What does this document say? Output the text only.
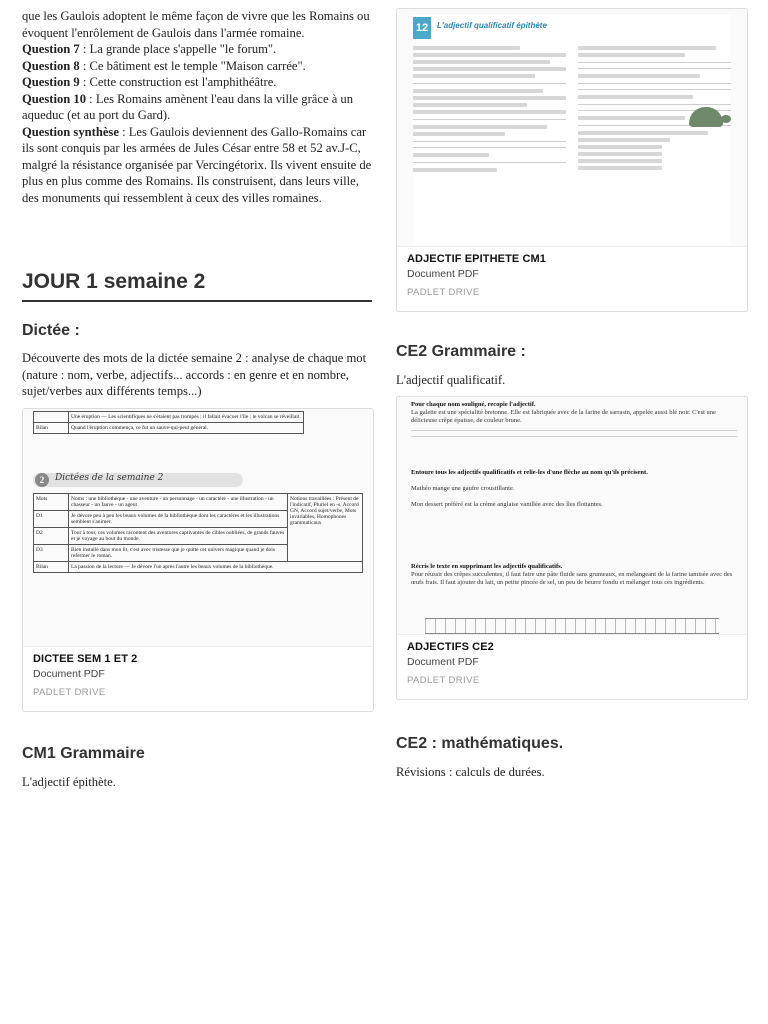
que les Gaulois adoptent le même façon de vivre que les Romains ou évoquent l'enrôlement de Gaulois dans l'armée romaine.

Question 7 : La grande place s'appelle "le forum".

Question 8 : Ce bâtiment est le temple "Maison carrée".

Question 9 : Cette construction est l'amphithéâtre.

Question 10 : Les Romains amènent l'eau dans la ville grâce à un aqueduc (et au port du Gard).

Question synthèse : Les Gaulois deviennent des Gallo-Romains car ils sont conquis par les armées de Jules César entre 58 et 52 av.J-C, malgré la résistance organisée par Vercingétorix. Ils vivent ensuite de plus en plus comme des Romains. Ils construisent, dans leurs ville, des monuments qui ressemblent à ceux des villes romaines.

JOUR 1 semaine 2
Dictée :

Découverte des mots de la dictée semaine 2 : analyse de chaque mot (nature : nom, verbe, adjectifs... accords : en genre et en nombre, sujet/verbes aux différents temps...)

	Une éruption — Les scientifiques ne s'étaient pas trompés ; il fallait évacuer l'île ; le volcan se réveillait.
Bilan	Quand l'éruption commença, ce fut un sauve-qui-peut général.
2	Dictées de la semaine 2
Mots	Noms : une bibliothèque - une aventure - un personnage - un caractère - une illustration - un chasseur - un fauve - un agent	Notions travaillées : Présent de l'indicatif, Pluriel en -s, Accord GN, Accord sujet/verbe, Mots invariables, Homophones grammaticaux
D1	Je dévore peu à peu les beaux volumes de la bibliothèque dont les caractères et les illustrations semblent s'animer.	
D2	Tour à tour, ces volumes racontent des aventures captivantes de cibles oubliées, de grands fauves et je voyage au bout du monde.	
D3	Bien installé dans mon lit, c'est avec tristesse que je quitte cet univers magique quand je dois refermer le roman.	
Bilan	La passion de la lecture — Je dévore l'un après l'autre les beaux volumes de la bibliothèque.	
DICTEE SEM 1 ET 2
Document PDF
PADLET DRIVE
CM1 Grammaire

L'adjectif épithète.

12	L'adjectif qualificatif épithète
ADJECTIF EPITHETE CM1
Document PDF
PADLET DRIVE
CE2 Grammaire :

L'adjectif qualificatif.

Pour chaque nom souligné, recopie l'adjectif.
La galette est une spécialité bretonne. Elle est fabriquée avec de la farine de sarrasin, appelée aussi blé noir. C'est une délicieuse crêpe épaisse, de couleur brune.
Entoure tous les adjectifs qualificatifs et relie-les d'une flèche au nom qu'ils précisent.

Mathéo mange une gaufre croustillante.

Mon dessert préféré est la crème anglaise vanillée avec des îles flottantes.
Récris le texte en supprimant les adjectifs qualificatifs.
Pour réussir des crêpes succulentes, il faut faire une pâte fluide sans grumeaux, en mélangeant de la farine tamisée avec des œufs frais. Il faut ajouter du lait, un petite pincée de sel, un peu de beurre fondu et mélanger tous ces ingrédients.
ADJECTIFS CE2
Document PDF
PADLET DRIVE
CE2 : mathématiques.

Révisions : calculs de durées.
